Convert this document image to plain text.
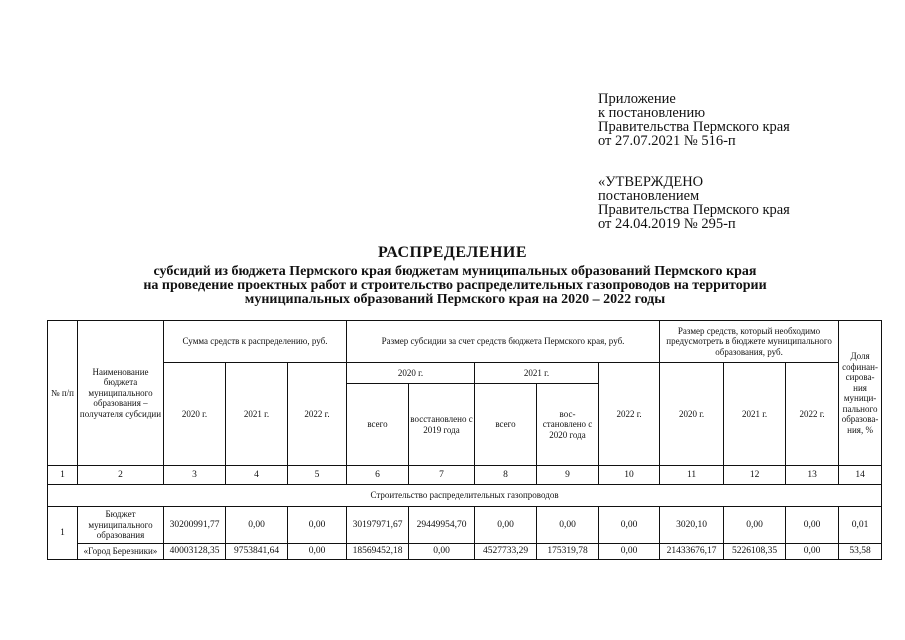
Приложение
к постановлению
Правительства Пермского края
от 27.07.2021 № 516-п
«УТВЕРЖДЕНО
постановлением
Правительства Пермского края
от 24.04.2019 № 295-п
РАСПРЕДЕЛЕНИЕ
субсидий из бюджета Пермского края бюджетам муниципальных образований Пермского края
на проведение проектных работ и строительство распределительных газопроводов на территории
муниципальных образований Пермского края на 2020 – 2022 годы
№ п/п	Наименование бюджета муниципального образования – получателя субсидии	Сумма средств к распределению, руб.			Размер субсидии за счет средств бюджета Пермского края, руб.					Размер средств, который необходимо предусмотреть в бюджете муниципального образования, руб.			Доля софинан- сирова- ния муници- пального образова- ния, %
		2020 г.	2021 г.	2022 г.	2020 г.		2021 г.		2022 г.	2020 г.	2021 г.	2022 г.	
					всего	восстановлено с 2019 года	всего	вос- становлено с 2020 года					
1	2	3	4	5	6	7	8	9	10	11	12	13	14
Строительство распределительных газопроводов													
1	Бюджет муниципального образования	30200991,77	0,00	0,00	30197971,67	29449954,70	0,00	0,00	0,00	3020,10	0,00	0,00	0,01
	«Город Березники»	40003128,35	9753841,64	0,00	18569452,18	0,00	4527733,29	175319,78	0,00	21433676,17	5226108,35	0,00	53,58
